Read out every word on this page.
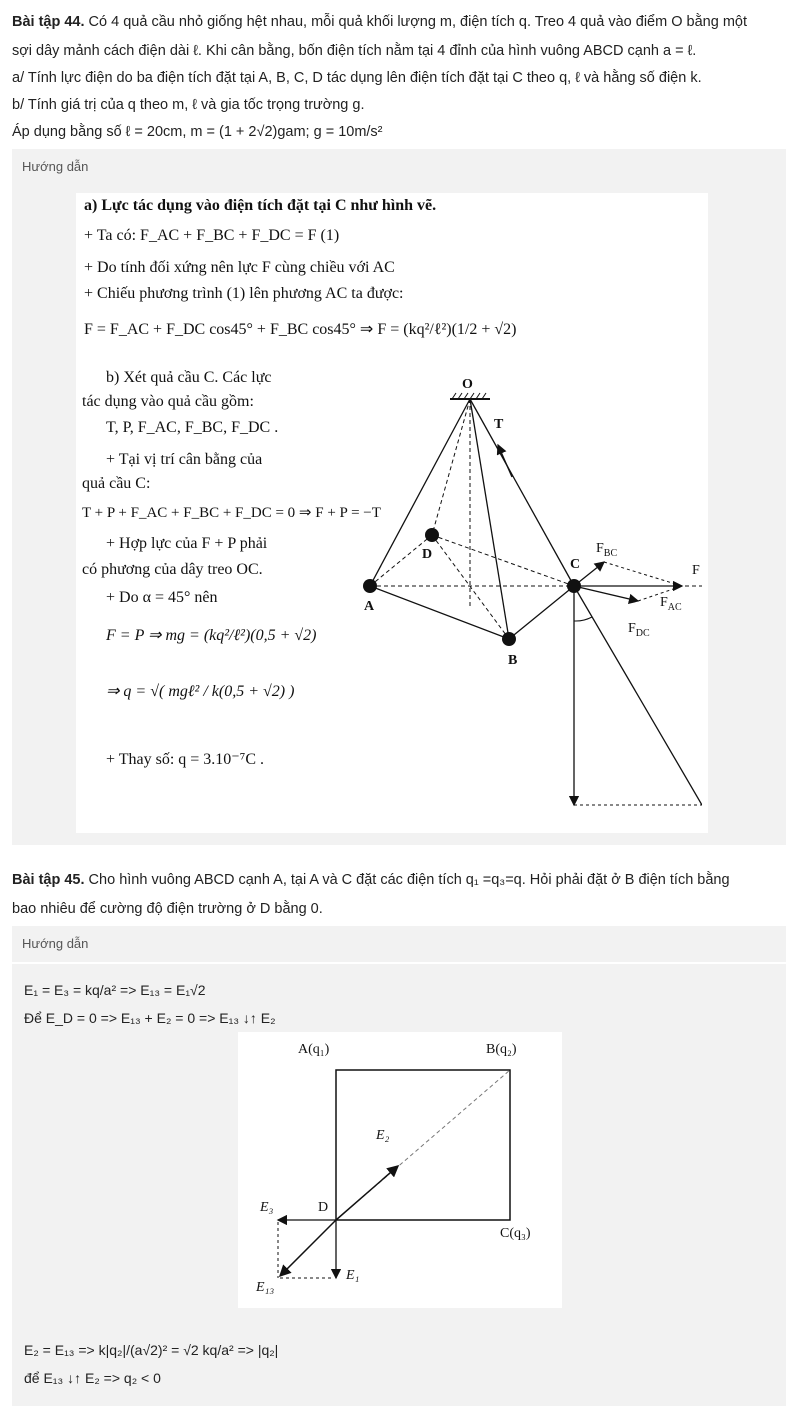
Bài tập 44. Có 4 quả cầu nhỏ giống hệt nhau, mỗi quả khối lượng m, điện tích q. Treo 4 quả vào điểm O bằng một

sợi dây mảnh cách điện dài ℓ. Khi cân bằng, bốn điện tích nằm tại 4 đỉnh của hình vuông ABCD cạnh a = ℓ.

a/ Tính lực điện do ba điện tích đặt tại A, B, C, D tác dụng lên điện tích đặt tại C theo q, ℓ và hằng số điện k.

b/ Tính giá trị của q theo m, ℓ và gia tốc trọng trường g.

Áp dụng bằng số ℓ = 20cm, m = (1 + 2√2)gam; g = 10m/s²

Hướng dẫn
a) Lực tác dụng vào điện tích đặt tại C như hình vẽ.
+ Ta có: F_AC + F_BC + F_DC = F (1)
+ Do tính đối xứng nên lực F cùng chiều với AC
+ Chiếu phương trình (1) lên phương AC ta được:
F = F_AC + F_DC cos45° + F_BC cos45° ⇒ F = (kq²/ℓ²)(1/2 + √2)
b) Xét quả cầu C. Các lực
tác dụng vào quả cầu gồm:
T, P, F_AC, F_BC, F_DC .
+ Tại vị trí cân bằng của
quả cầu C:
T + P + F_AC + F_BC + F_DC = 0 ⇒ F + P = −T
+ Hợp lực của F + P phải
có phương của dây treo OC.
+ Do α = 45° nên
F = P ⇒ mg = (kq²/ℓ²)(0,5 + √2)
⇒ q = √( mgℓ² / k(0,5 + √2) )
+ Thay số: q = 3.10⁻⁷C .
O
A
B
C
D
T
$F_{BC}$
F
$F_{AC}$
$F_{DC}$

Bài tập 45. Cho hình vuông ABCD cạnh A, tại A và C đặt các điện tích q₁ =q₃=q. Hỏi phải đặt ở B điện tích bằng

bao nhiêu để cường độ điện trường ở D bằng 0.

Hướng dẫn
E₁ = E₃ = kq/a² => E₁₃ = E₁√2
Để E_D = 0 => E₁₃ + E₂ = 0 => E₁₃ ↓↑ E₂
A(q₁)	B(q₂)
C(q₃)
D
E₂
E₃
E₁
E₁₃
E₂ = E₁₃ => k|q₂|/(a√2)² = √2 kq/a² => |q₂|
để E₁₃ ↓↑ E₂ => q₂ < 0
